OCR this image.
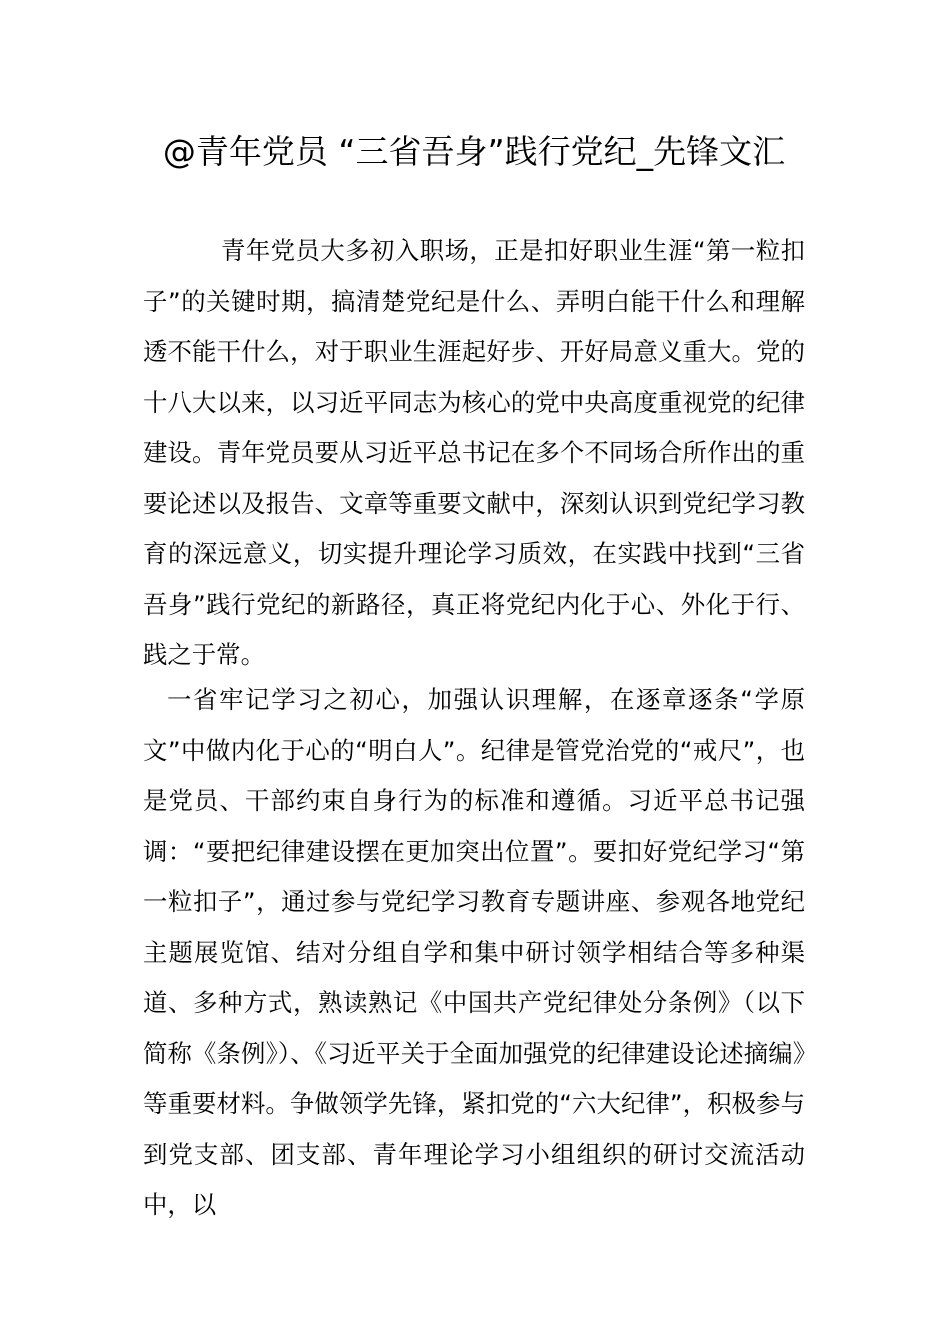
@青年党员 “三省吾身”践行党纪_先锋文汇

青年党员大多初入职场，正是扣好职业生涯“第一粒扣子”的关键时期，搞清楚党纪是什么、弄明白能干什么和理解透不能干什么，对于职业生涯起好步、开好局意义重大。党的十八大以来，以习近平同志为核心的党中央高度重视党的纪律建设。青年党员要从习近平总书记在多个不同场合所作出的重要论述以及报告、文章等重要文献中，深刻认识到党纪学习教育的深远意义，切实提升理论学习质效，在实践中找到“三省吾身”践行党纪的新路径，真正将党纪内化于心、外化于行、践之于常。

一省牢记学习之初心，加强认识理解，在逐章逐条“学原文”中做内化于心的“明白人”。纪律是管党治党的“戒尺”，也是党员、干部约束自身行为的标准和遵循。习近平总书记强调：“要把纪律建设摆在更加突出位置”。要扣好党纪学习“第一粒扣子”，通过参与党纪学习教育专题讲座、参观各地党纪主题展览馆、结对分组自学和集中研讨领学相结合等多种渠道、多种方式，熟读熟记《中国共产党纪律处分条例》（以下简称《条例》）、《习近平关于全面加强党的纪律建设论述摘编》等重要材料。争做领学先锋，紧扣党的“六大纪律”，积极参与到党支部、团支部、青年理论学习小组组织的研讨交流活动中，以
